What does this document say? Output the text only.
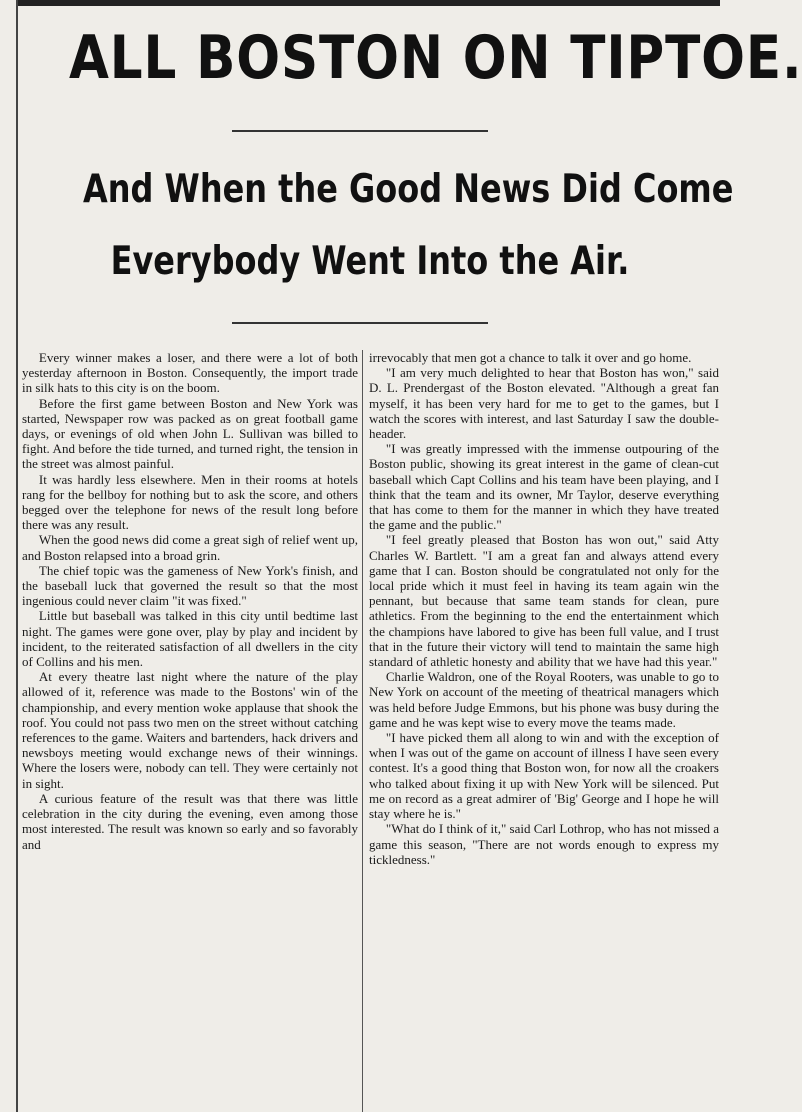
ALL BOSTON ON TIPTOE.
And When the Good News Did Come
Everybody Went Into the Air.

Every winner makes a loser, and there were a lot of both yesterday afternoon in Boston. Consequently, the import trade in silk hats to this city is on the boom.

Before the first game between Boston and New York was started, Newspaper row was packed as on great football game days, or evenings of old when John L. Sullivan was billed to fight. And before the tide turned, and turned right, the tension in the street was almost painful.

It was hardly less elsewhere. Men in their rooms at hotels rang for the bellboy for nothing but to ask the score, and others begged over the telephone for news of the result long before there was any result.

When the good news did come a great sigh of relief went up, and Boston relapsed into a broad grin.

The chief topic was the gameness of New York's finish, and the baseball luck that governed the result so that the most ingenious could never claim "it was fixed."

Little but baseball was talked in this city until bedtime last night. The games were gone over, play by play and incident by incident, to the reiterated satisfaction of all dwellers in the city of Collins and his men.

At every theatre last night where the nature of the play allowed of it, reference was made to the Bostons' win of the championship, and every mention woke applause that shook the roof. You could not pass two men on the street without catching references to the game. Waiters and bartenders, hack drivers and newsboys meeting would exchange news of their winnings. Where the losers were, nobody can tell. They were certainly not in sight.

A curious feature of the result was that there was little celebration in the city during the evening, even among those most interested. The result was known so early and so favorably and

irrevocably that men got a chance to talk it over and go home.

"I am very much delighted to hear that Boston has won," said D. L. Prendergast of the Boston elevated. "Although a great fan myself, it has been very hard for me to get to the games, but I watch the scores with interest, and last Saturday I saw the double-header.

"I was greatly impressed with the immense outpouring of the Boston public, showing its great interest in the game of clean-cut baseball which Capt Collins and his team have been playing, and I think that the team and its owner, Mr Taylor, deserve everything that has come to them for the manner in which they have treated the game and the public."

"I feel greatly pleased that Boston has won out," said Atty Charles W. Bartlett. "I am a great fan and always attend every game that I can. Boston should be congratulated not only for the local pride which it must feel in having its team again win the pennant, but because that same team stands for clean, pure athletics. From the beginning to the end the entertainment which the champions have labored to give has been full value, and I trust that in the future their victory will tend to maintain the same high standard of athletic honesty and ability that we have had this year."

Charlie Waldron, one of the Royal Rooters, was unable to go to New York on account of the meeting of theatrical managers which was held before Judge Emmons, but his phone was busy during the game and he was kept wise to every move the teams made.

"I have picked them all along to win and with the exception of when I was out of the game on account of illness I have seen every contest. It's a good thing that Boston won, for now all the croakers who talked about fixing it up with New York will be silenced. Put me on record as a great admirer of 'Big' George and I hope he will stay where he is."

"What do I think of it," said Carl Lothrop, who has not missed a game this season, "There are not words enough to express my tickledness."
